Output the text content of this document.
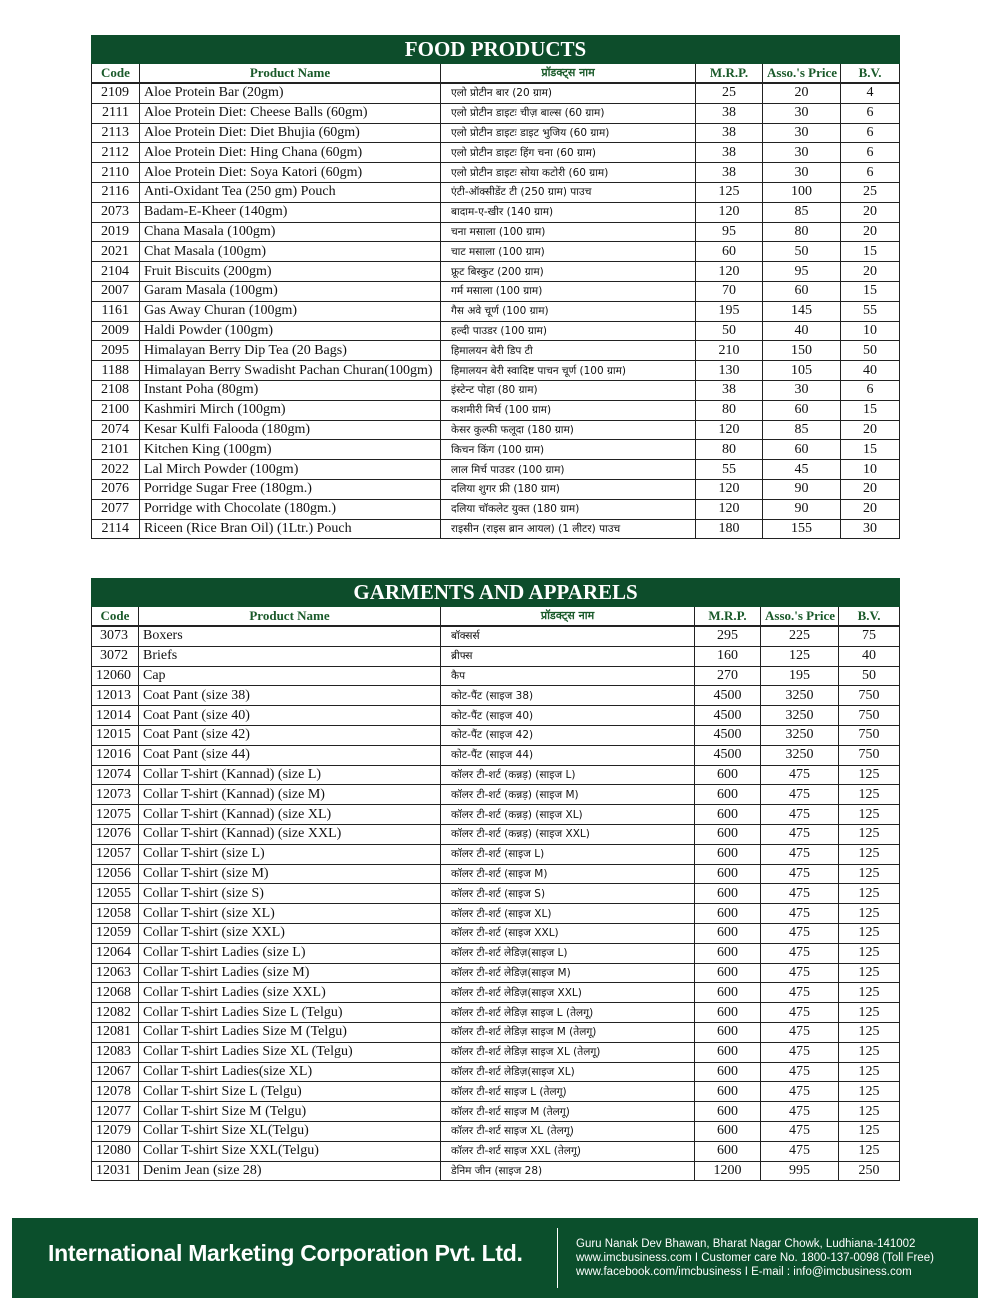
FOOD PRODUCTS					
Code	Product Name	प्रॉडक्ट्स नाम	M.R.P.	Asso.'s Price	B.V.
2109	Aloe Protein Bar (20gm)	एलो प्रोटीन बार (20 ग्राम)	25	20	4
2111	Aloe Protein Diet: Cheese Balls (60gm)	एलो प्रोटीन डाइटः चीज़ बाल्स (60 ग्राम)	38	30	6
2113	Aloe Protein Diet: Diet Bhujia (60gm)	एलो प्रोटीन डाइटः डाइट भुजिय (60 ग्राम)	38	30	6
2112	Aloe Protein Diet: Hing Chana (60gm)	एलो प्रोटीन डाइटः हिंग चना (60 ग्राम)	38	30	6
2110	Aloe Protein Diet: Soya Katori (60gm)	एलो प्रोटीन डाइटः सोया कटोरी (60 ग्राम)	38	30	6
2116	Anti-Oxidant Tea (250 gm) Pouch	एंटी-ऑक्सीडेंट टी (250 ग्राम) पाउच	125	100	25
2073	Badam-E-Kheer (140gm)	बादाम-ए-खीर (140 ग्राम)	120	85	20
2019	Chana Masala (100gm)	चना मसाला (100 ग्राम)	95	80	20
2021	Chat Masala (100gm)	चाट मसाला (100 ग्राम)	60	50	15
2104	Fruit Biscuits (200gm)	फ्रूट बिस्कुट (200 ग्राम)	120	95	20
2007	Garam Masala (100gm)	गर्म मसाला (100 ग्राम)	70	60	15
1161	Gas Away Churan (100gm)	गैस अवे चूर्ण (100 ग्राम)	195	145	55
2009	Haldi Powder (100gm)	हल्दी पाउडर (100 ग्राम)	50	40	10
2095	Himalayan Berry Dip Tea (20 Bags)	हिमालयन बेरी डिप टी	210	150	50
1188	Himalayan Berry Swadisht Pachan Churan(100gm)	हिमालयन बेरी स्वादिष्ट पाचन चूर्ण (100 ग्राम)	130	105	40
2108	Instant Poha (80gm)	इंस्टेन्ट पोहा (80 ग्राम)	38	30	6
2100	Kashmiri Mirch (100gm)	कशमीरी मिर्च (100 ग्राम)	80	60	15
2074	Kesar Kulfi Falooda (180gm)	केसर कुल्फी फलूदा (180 ग्राम)	120	85	20
2101	Kitchen King (100gm)	किचन किंग (100 ग्राम)	80	60	15
2022	Lal Mirch Powder (100gm)	लाल मिर्च पाउडर (100 ग्राम)	55	45	10
2076	Porridge Sugar Free (180gm.)	दलिया शुगर फ्री (180 ग्राम)	120	90	20
2077	Porridge with Chocolate (180gm.)	दलिया चॉकलेट युक्त (180 ग्राम)	120	90	20
2114	Riceen (Rice Bran Oil) (1Ltr.) Pouch	राइसीन (राइस ब्रान आयल) (1 लीटर) पाउच	180	155	30
GARMENTS AND APPARELS					
Code	Product Name	प्रॉडक्ट्स नाम	M.R.P.	Asso.'s Price	B.V.
3073	Boxers	बॉक्सर्स	295	225	75
3072	Briefs	ब्रीफ्स	160	125	40
12060	Cap	कैप	270	195	50
12013	Coat Pant (size 38)	कोट-पैंट (साइज 38)	4500	3250	750
12014	Coat Pant (size 40)	कोट-पैंट (साइज 40)	4500	3250	750
12015	Coat Pant (size 42)	कोट-पैंट (साइज 42)	4500	3250	750
12016	Coat Pant (size 44)	कोट-पैंट (साइज 44)	4500	3250	750
12074	Collar T-shirt (Kannad) (size L)	कॉलर टी-शर्ट (कन्नड़) (साइज L)	600	475	125
12073	Collar T-shirt (Kannad) (size M)	कॉलर टी-शर्ट (कन्नड़) (साइज M)	600	475	125
12075	Collar T-shirt (Kannad) (size XL)	कॉलर टी-शर्ट (कन्नड़) (साइज XL)	600	475	125
12076	Collar T-shirt (Kannad) (size XXL)	कॉलर टी-शर्ट (कन्नड़) (साइज XXL)	600	475	125
12057	Collar T-shirt (size L)	कॉलर टी-शर्ट (साइज L)	600	475	125
12056	Collar T-shirt (size M)	कॉलर टी-शर्ट (साइज M)	600	475	125
12055	Collar T-shirt (size S)	कॉलर टी-शर्ट (साइज S)	600	475	125
12058	Collar T-shirt (size XL)	कॉलर टी-शर्ट (साइज XL)	600	475	125
12059	Collar T-shirt (size XXL)	कॉलर टी-शर्ट (साइज XXL)	600	475	125
12064	Collar T-shirt Ladies (size L)	कॉलर टी-शर्ट लेडिज़(साइज L)	600	475	125
12063	Collar T-shirt Ladies (size M)	कॉलर टी-शर्ट लेडिज़(साइज M)	600	475	125
12068	Collar T-shirt Ladies (size XXL)	कॉलर टी-शर्ट लेडिज़(साइज XXL)	600	475	125
12082	Collar T-shirt Ladies Size L (Telgu)	कॉलर टी-शर्ट लेडिज़ साइज L (तेलगू)	600	475	125
12081	Collar T-shirt Ladies Size M (Telgu)	कॉलर टी-शर्ट लेडिज़ साइज M (तेलगू)	600	475	125
12083	Collar T-shirt Ladies Size XL (Telgu)	कॉलर टी-शर्ट लेडिज़ साइज XL (तेलगू)	600	475	125
12067	Collar T-shirt Ladies(size XL)	कॉलर टी-शर्ट लेडिज़(साइज XL)	600	475	125
12078	Collar T-shirt Size L (Telgu)	कॉलर टी-शर्ट साइज L (तेलगू)	600	475	125
12077	Collar T-shirt Size M (Telgu)	कॉलर टी-शर्ट साइज M (तेलगू)	600	475	125
12079	Collar T-shirt Size XL(Telgu)	कॉलर टी-शर्ट साइज XL (तेलगू)	600	475	125
12080	Collar T-shirt Size XXL(Telgu)	कॉलर टी-शर्ट साइज XXL (तेलगू)	600	475	125
12031	Denim Jean (size 28)	डेनिम जीन (साइज 28)	1200	995	250
International Marketing Corporation Pvt. Ltd.	Guru Nanak Dev Bhawan, Bharat Nagar Chowk, Ludhiana-141002
www.imcbusiness.com I Customer care No. 1800-137-0098 (Toll Free)
www.facebook.com/imcbusiness I E-mail : info@imcbusiness.com
